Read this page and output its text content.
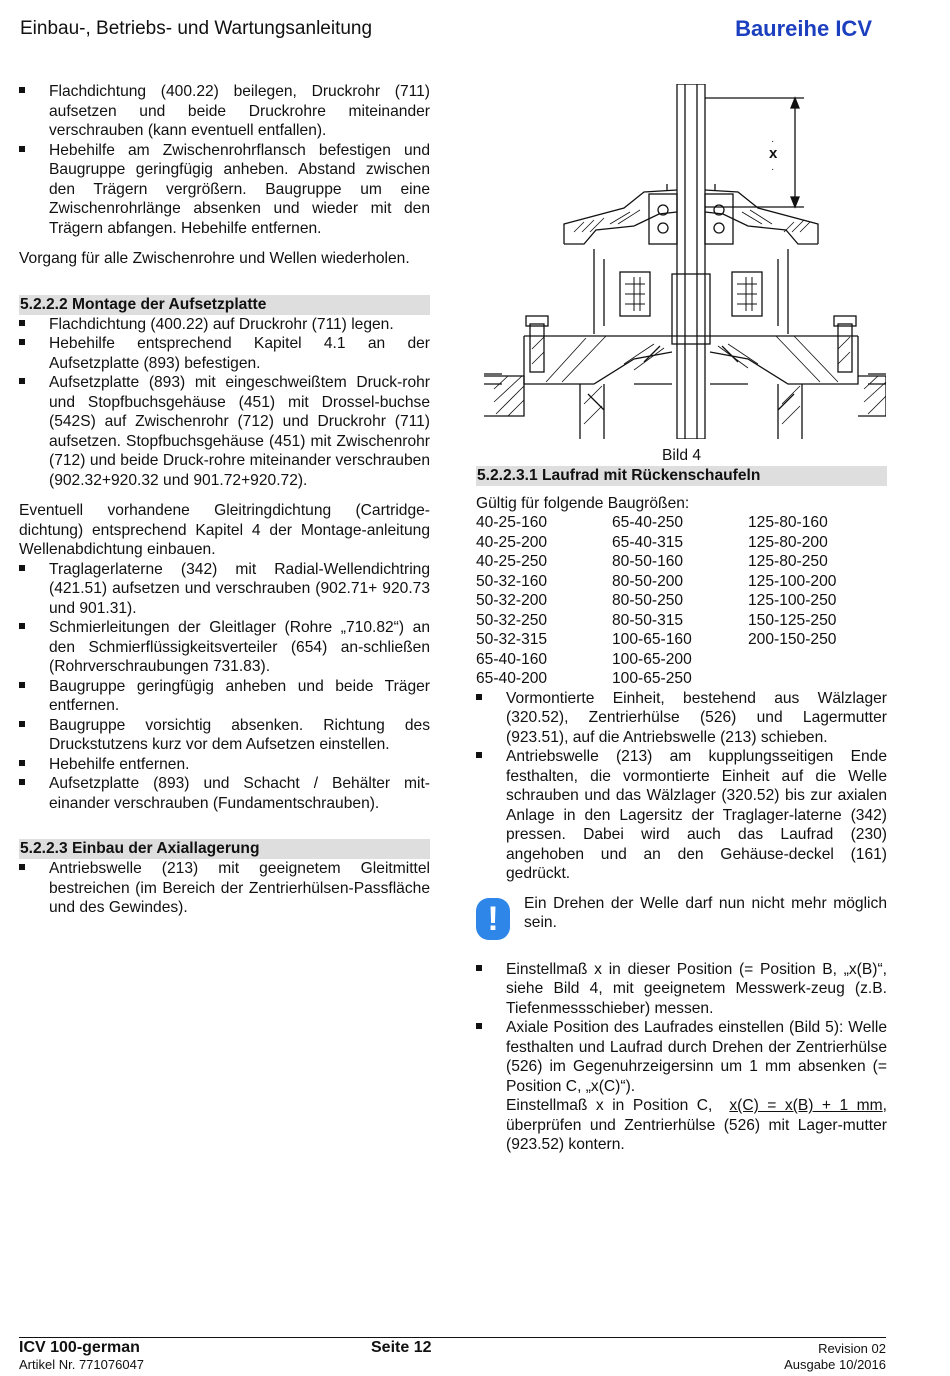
Einbau-, Betriebs- und Wartungsanleitung	Baureihe ICV
Flachdichtung (400.22) beilegen, Druckrohr (711) aufsetzen und beide Druckrohre miteinander verschrauben (kann eventuell entfallen).
Hebehilfe am Zwischenrohrflansch befestigen und Baugruppe geringfügig anheben. Abstand zwischen den Trägern vergrößern. Baugruppe um eine Zwischenrohrlänge absenken und wieder mit den Trägern abfangen. Hebehilfe entfernen.

Vorgang für alle Zwischenrohre und Wellen wiederholen.

5.2.2.2 Montage der Aufsetzplatte
Flachdichtung (400.22) auf Druckrohr (711) legen.
Hebehilfe entsprechend Kapitel 4.1 an der Aufsetzplatte (893) befestigen.
Aufsetzplatte (893) mit eingeschweißtem Druck-rohr und Stopfbuchsgehäuse (451) mit Drossel-buchse (542S) auf Zwischenrohr (712) und Druckrohr (711) aufsetzen. Stopfbuchsgehäuse (451) mit Zwischenrohr (712) und beide Druck-rohre miteinander verschrauben (902.32+920.32 und 901.72+920.72).

Eventuell vorhandene Gleitringdichtung (Cartridge-dichtung) entsprechend Kapitel 4 der Montage-anleitung Wellenabdichtung einbauen.

Traglagerlaterne (342) mit Radial-Wellendichtring (421.51) aufsetzen und verschrauben (902.71+ 920.73 und 901.31).
Schmierleitungen der Gleitlager (Rohre „710.82“) an den Schmierflüssigkeitsverteiler (654) an-schließen (Rohrverschraubungen 731.83).
Baugruppe geringfügig anheben und beide Träger entfernen.
Baugruppe vorsichtig absenken. Richtung des Druckstutzens kurz vor dem Aufsetzen einstellen.
Hebehilfe entfernen.
Aufsetzplatte (893) und Schacht / Behälter mit-einander verschrauben (Fundamentschrauben).
5.2.2.3 Einbau der Axiallagerung
Antriebswelle (213) mit geeignetem Gleitmittel bestreichen (im Bereich der Zentrierhülsen-Passfläche und des Gewindes).
x
·
·
Bild 4
5.2.2.3.1 Laufrad mit Rückenschaufeln

Gültig für folgende Baugrößen:

40-25-160	65-40-250	125-80-160
40-25-200	65-40-315	125-80-200
40-25-250	80-50-160	125-80-250
50-32-160	80-50-200	125-100-200
50-32-200	80-50-250	125-100-250
50-32-250	80-50-315	150-125-250
50-32-315	100-65-160	200-150-250
65-40-160	100-65-200	
65-40-200	100-65-250	
Vormontierte Einheit, bestehend aus Wälzlager (320.52), Zentrierhülse (526) und Lagermutter (923.51), auf die Antriebswelle (213) schieben.
Antriebswelle (213) am kupplungsseitigen Ende festhalten, die vormontierte Einheit auf die Welle schrauben und das Wälzlager (320.52) bis zur axialen Anlage in den Lagersitz der Traglager-laterne (342) pressen. Dabei wird auch das Laufrad (230) angehoben und an den Gehäuse-deckel (161) gedrückt.
!	Ein Drehen der Welle darf nun nicht mehr möglich sein.
Einstellmaß x in dieser Position (= Position B, „x(B)“, siehe Bild 4, mit geeignetem Messwerk-zeug (z.B. Tiefenmessschieber) messen.
Axiale Position des Laufrades einstellen (Bild 5): Welle festhalten und Laufrad durch Drehen der Zentrierhülse (526) im Gegenuhrzeigersinn um 1 mm absenken (= Position C, „x(C)“).
Einstellmaß x in Position C, x(C) = x(B) + 1 mm, überprüfen und Zentrierhülse (526) mit Lager-mutter (923.52) kontern.
ICV 100-german
Artikel Nr. 771076047
Seite 12	Revision 02
Ausgabe 10/2016
